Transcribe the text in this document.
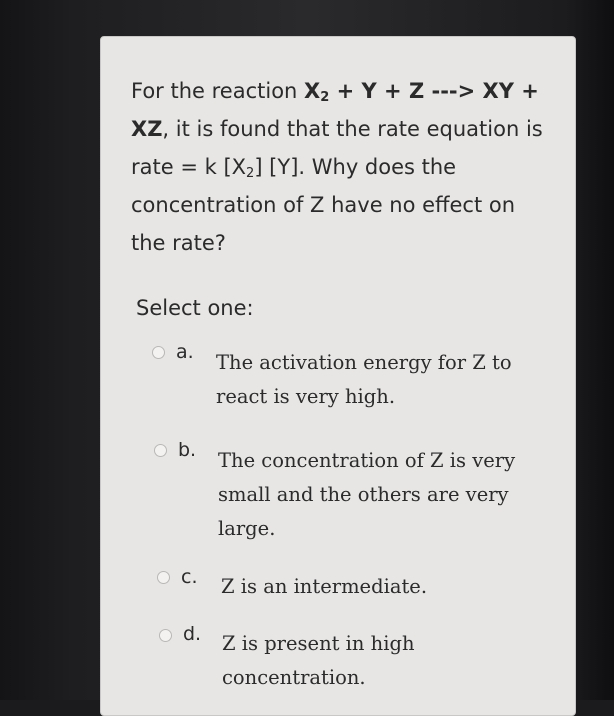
For the reaction $X_2 + Y + Z$ ---> XY +
XZ, it is found that the rate equation is
rate = k $[X_2]$ [Y]. Why does the
concentration of Z have no effect on
the rate?
Select one:
a. The activation energy for Z to react is very high.
b. The concentration of Z is very small and the others are very large.
c. Z is an intermediate.
d. Z is present in high concentration.
